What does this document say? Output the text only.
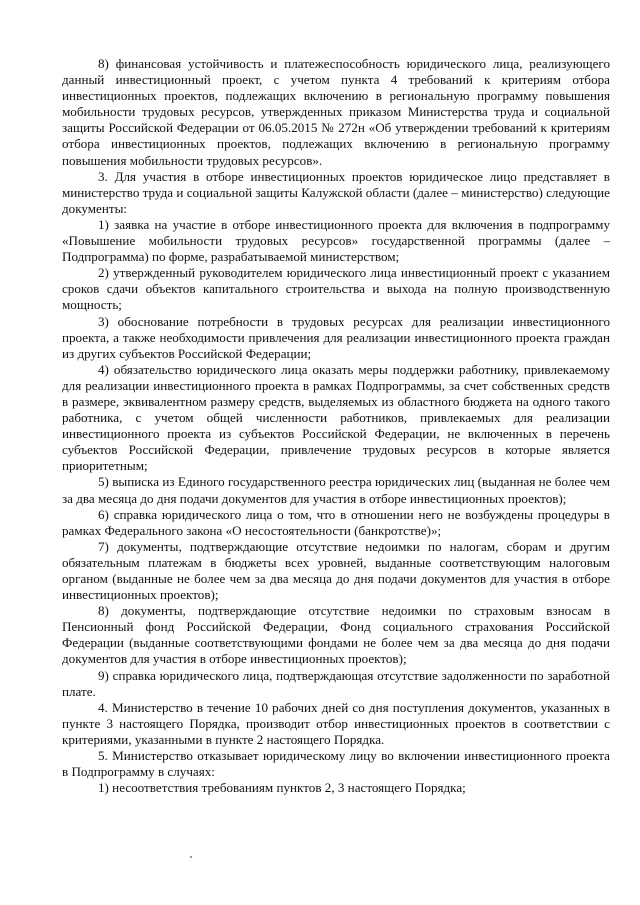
8) финансовая устойчивость и платежеспособность юридического лица, реализующего данный инвестиционный проект, с учетом пункта 4 требований к критериям отбора инвестиционных проектов, подлежащих включению в региональную программу повышения мобильности трудовых ресурсов, утвержденных приказом Министерства труда и социальной защиты Российской Федерации от 06.05.2015 № 272н «Об утверждении требований к критериям отбора инвестиционных проектов, подлежащих включению в региональную программу повышения мобильности трудовых ресурсов».

3. Для участия в отборе инвестиционных проектов юридическое лицо представляет в министерство труда и социальной защиты Калужской области (далее – министерство) следующие документы:

1) заявка на участие в отборе инвестиционного проекта для включения в подпрограмму «Повышение мобильности трудовых ресурсов» государственной программы (далее – Подпрограмма) по форме, разрабатываемой министерством;

2) утвержденный руководителем юридического лица инвестиционный проект с указанием сроков сдачи объектов капитального строительства и выхода на полную производственную мощность;

3) обоснование потребности в трудовых ресурсах для реализации инвестиционного проекта, а также необходимости привлечения для реализации инвестиционного проекта граждан из других субъектов Российской Федерации;

4) обязательство юридического лица оказать меры поддержки работнику, привлекаемому для реализации инвестиционного проекта в рамках Подпрограммы, за счет собственных средств в размере, эквивалентном размеру средств, выделяемых из областного бюджета на одного такого работника, с учетом общей численности работников, привлекаемых для реализации инвестиционного проекта из субъектов Российской Федерации, не включенных в перечень субъектов Российской Федерации, привлечение трудовых ресурсов в которые является приоритетным;

5) выписка из Единого государственного реестра юридических лиц (выданная не более чем за два месяца до дня подачи документов для участия в отборе инвестиционных проектов);

6) справка юридического лица о том, что в отношении него не возбуждены процедуры в рамках Федерального закона «О несостоятельности (банкротстве)»;

7) документы, подтверждающие отсутствие недоимки по налогам, сборам и другим обязательным платежам в бюджеты всех уровней, выданные соответствующим налоговым органом (выданные не более чем за два месяца до дня подачи документов для участия в отборе инвестиционных проектов);

8) документы, подтверждающие отсутствие недоимки по страховым взносам в Пенсионный фонд Российской Федерации, Фонд социального страхования Российской Федерации (выданные соответствующими фондами не более чем за два месяца до дня подачи документов для участия в отборе инвестиционных проектов);

9) справка юридического лица, подтверждающая отсутствие задолженности по заработной плате.

4. Министерство в течение 10 рабочих дней со дня поступления документов, указанных в пункте 3 настоящего Порядка, производит отбор инвестиционных проектов в соответствии с критериями, указанными в пункте 2 настоящего Порядка.

5. Министерство отказывает юридическому лицу во включении инвестиционного проекта в Подпрограмму в случаях:

1) несоответствия требованиям пунктов 2, 3 настоящего Порядка;
